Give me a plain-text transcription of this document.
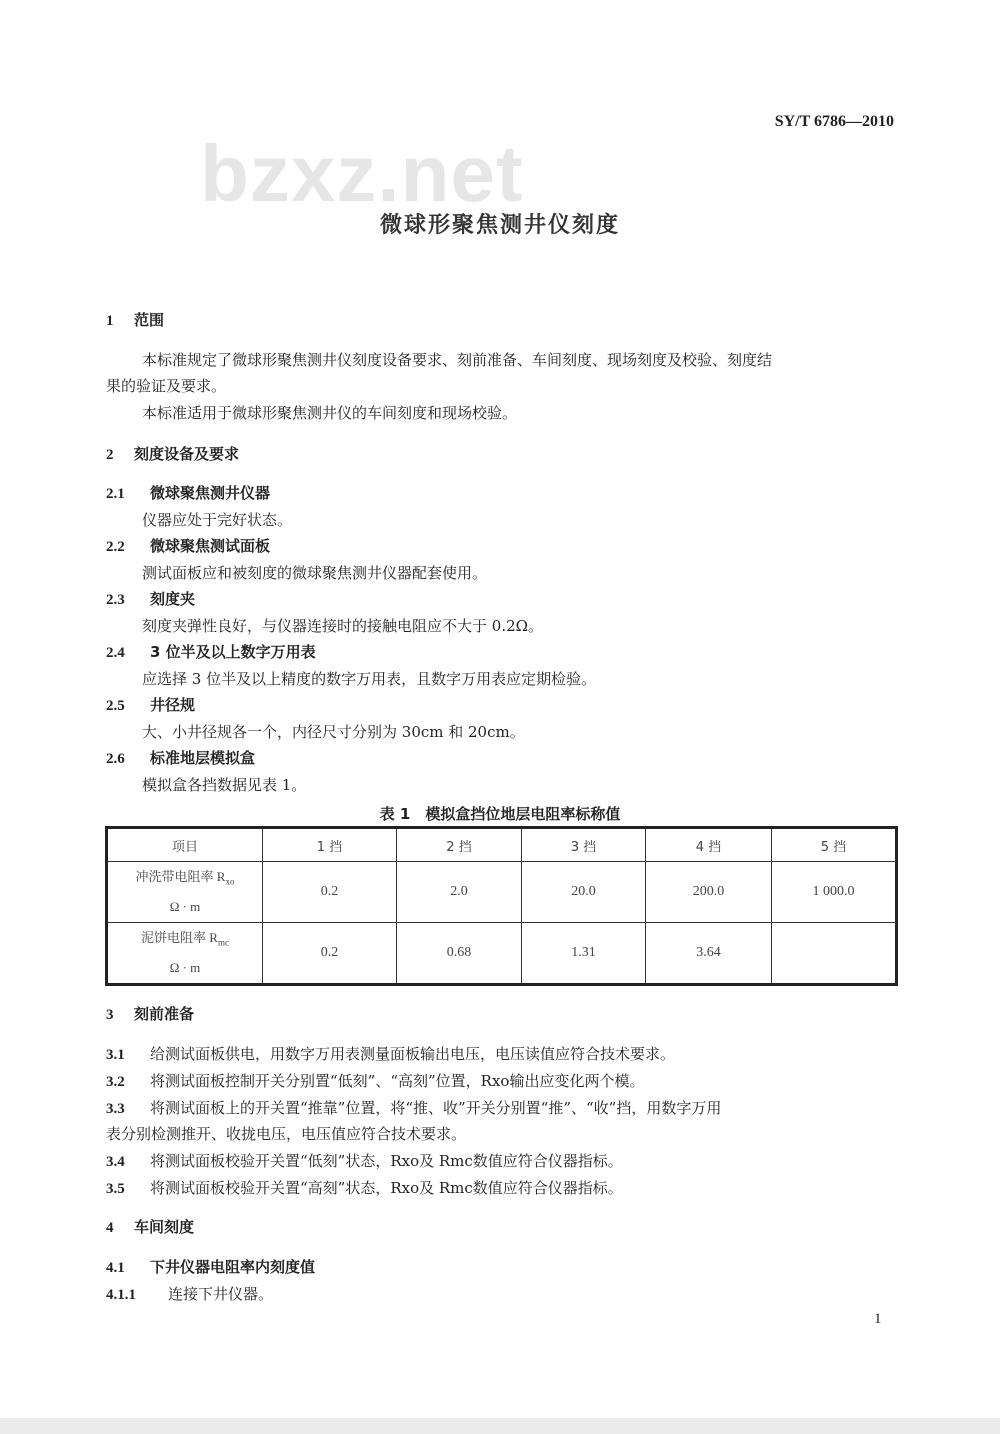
SY/T 6786—2010
bzxz.net
微球形聚焦测井仪刻度
1 范围
本标准规定了微球形聚焦测井仪刻度设备要求、刻前准备、车间刻度、现场刻度及校验、刻度结
果的验证及要求。
本标准适用于微球形聚焦测井仪的车间刻度和现场校验。
2 刻度设备及要求
2.1 微球聚焦测井仪器
仪器应处于完好状态。
2.2 微球聚焦测试面板
测试面板应和被刻度的微球聚焦测井仪器配套使用。
2.3 刻度夹
刻度夹弹性良好，与仪器连接时的接触电阻应不大于 0.2Ω。
2.4 3 位半及以上数字万用表
应选择 3 位半及以上精度的数字万用表，且数字万用表应定期检验。
2.5 井径规
大、小井径规各一个，内径尺寸分别为 30cm 和 20cm。
2.6 标准地层模拟盒
模拟盒各挡数据见表 1。
表 1　模拟盒挡位地层电阻率标称值
项目	1 挡	2 挡	3 挡	4 挡	5 挡
冲洗带电阻率 $R_{xo}$
Ω · m	0.2	2.0	20.0	200.0	1 000.0
泥饼电阻率 $R_{mc}$
Ω · m	0.2	0.68	1.31	3.64	
3 刻前准备
3.1 给测试面板供电，用数字万用表测量面板输出电压，电压读值应符合技术要求。
3.2 将测试面板控制开关分别置“低刻”、“高刻”位置，Rxo输出应变化两个模。
3.3 将测试面板上的开关置“推靠”位置，将“推、收”开关分别置“推”、“收”挡，用数字万用
表分别检测推开、收拢电压，电压值应符合技术要求。
3.4 将测试面板校验开关置“低刻”状态，Rxo及 Rmc数值应符合仪器指标。
3.5 将测试面板校验开关置“高刻”状态，Rxo及 Rmc数值应符合仪器指标。
4 车间刻度
4.1 下井仪器电阻率内刻度值
4.1.1 连接下井仪器。
1
